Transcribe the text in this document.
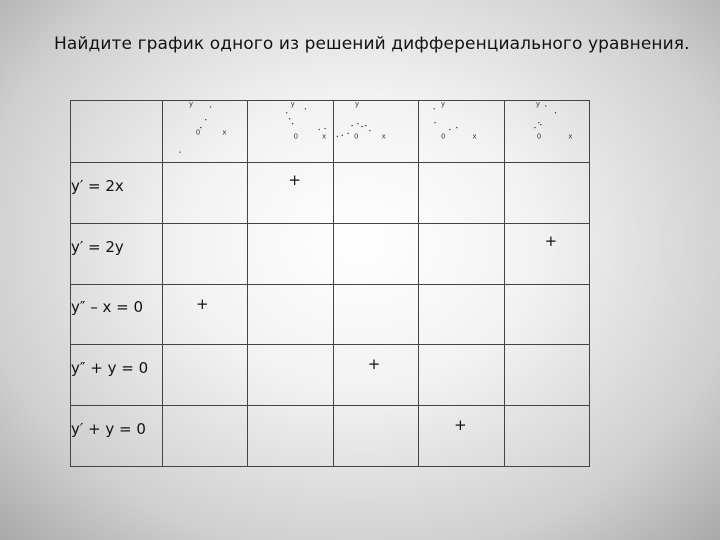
Найдите график одного из решений дифференциального уравнения.

y
0 x	y
0 x	y
0 x	y
0 x	y
0 x

y′ = 2x		+			

y′ = 2y					+

y″ – x = 0	+				

y″ + y = 0			+		

y′ + y = 0				+	
